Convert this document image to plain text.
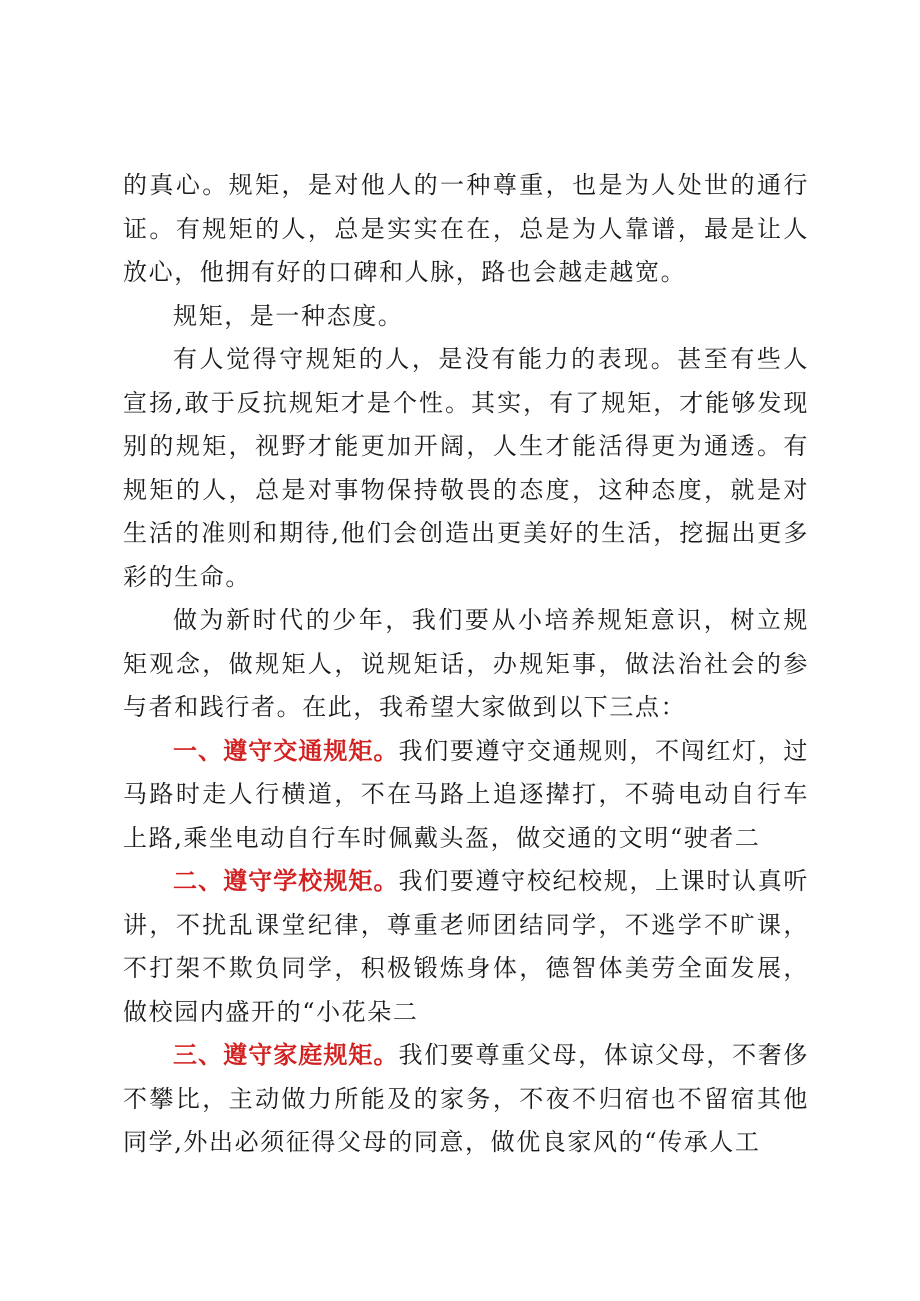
的真心。规矩，是对他人的一种尊重，也是为人处世的通行证。有规矩的人，总是实实在在，总是为人靠谱，最是让人放心，他拥有好的口碑和人脉，路也会越走越宽。

规矩，是一种态度。

有人觉得守规矩的人，是没有能力的表现。甚至有些人宣扬,敢于反抗规矩才是个性。其实，有了规矩，才能够发现别的规矩，视野才能更加开阔，人生才能活得更为通透。有规矩的人，总是对事物保持敬畏的态度，这种态度，就是对生活的准则和期待,他们会创造出更美好的生活，挖掘出更多彩的生命。

做为新时代的少年，我们要从小培养规矩意识，树立规矩观念，做规矩人，说规矩话，办规矩事，做法治社会的参与者和践行者。在此，我希望大家做到以下三点：

一、遵守交通规矩。我们要遵守交通规则，不闯红灯，过马路时走人行横道，不在马路上追逐撵打，不骑电动自行车上路,乘坐电动自行车时佩戴头盔，做交通的文明“驶者二

二、遵守学校规矩。我们要遵守校纪校规，上课时认真听讲，不扰乱课堂纪律，尊重老师团结同学，不逃学不旷课，不打架不欺负同学，积极锻炼身体，德智体美劳全面发展，做校园内盛开的“小花朵二

三、遵守家庭规矩。我们要尊重父母，体谅父母，不奢侈不攀比，主动做力所能及的家务，不夜不归宿也不留宿其他同学,外出必须征得父母的同意，做优良家风的“传承人工
